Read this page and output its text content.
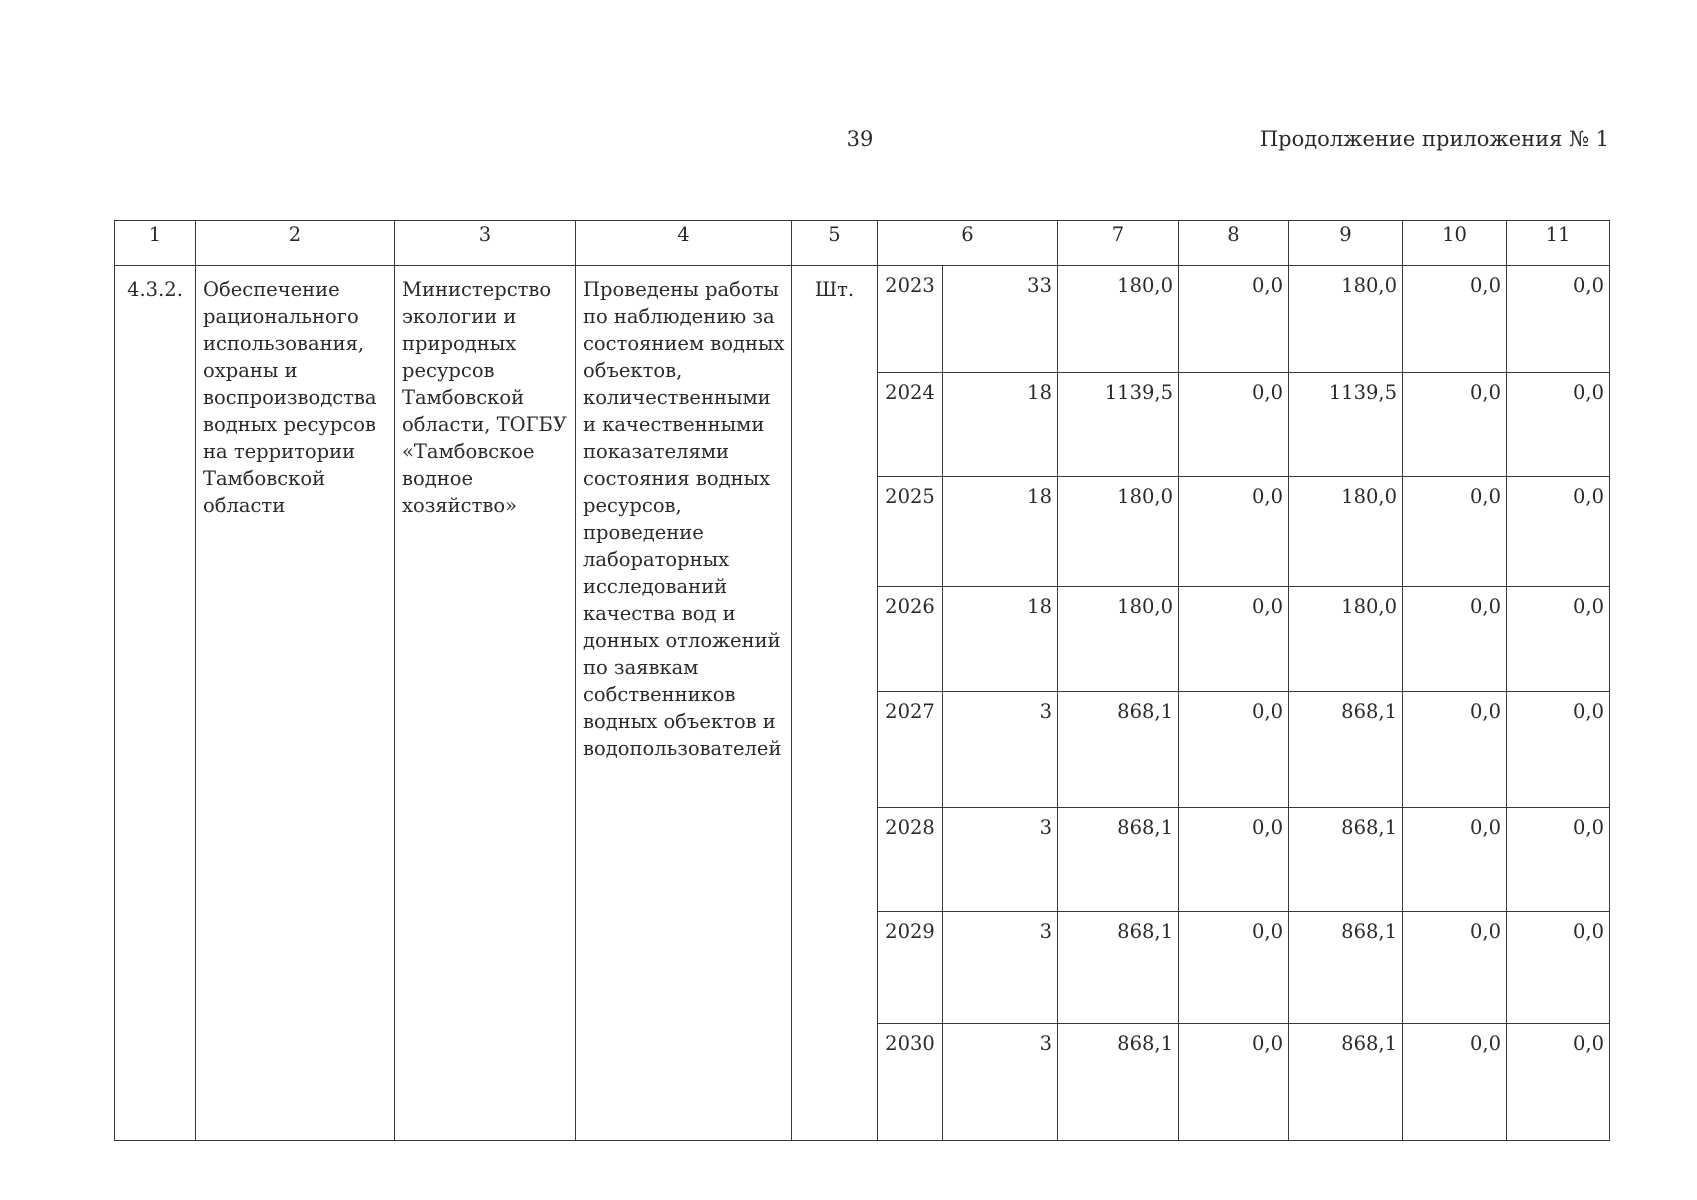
39	Продолжение приложения № 1
1	2	3	4	5	6		7	8	9	10	11
4.3.2.	Обеспечение рационального использования, охраны и воспроизводства водных ресурсов на территории Тамбовской области	Министерство экологии и природных ресурсов Тамбовской области, ТОГБУ «Тамбовское водное хозяйство»	Проведены работы по наблюдению за состоянием водных объектов, количественными и качественными показателями состояния водных ресурсов, проведение лабораторных исследований качества вод и донных отложений по заявкам собственников водных объектов и водопользователей	Шт.	2023	33	180,0	0,0	180,0	0,0	0,0
					2024	18	1139,5	0,0	1139,5	0,0	0,0
					2025	18	180,0	0,0	180,0	0,0	0,0
					2026	18	180,0	0,0	180,0	0,0	0,0
					2027	3	868,1	0,0	868,1	0,0	0,0
					2028	3	868,1	0,0	868,1	0,0	0,0
					2029	3	868,1	0,0	868,1	0,0	0,0
					2030	3	868,1	0,0	868,1	0,0	0,0
